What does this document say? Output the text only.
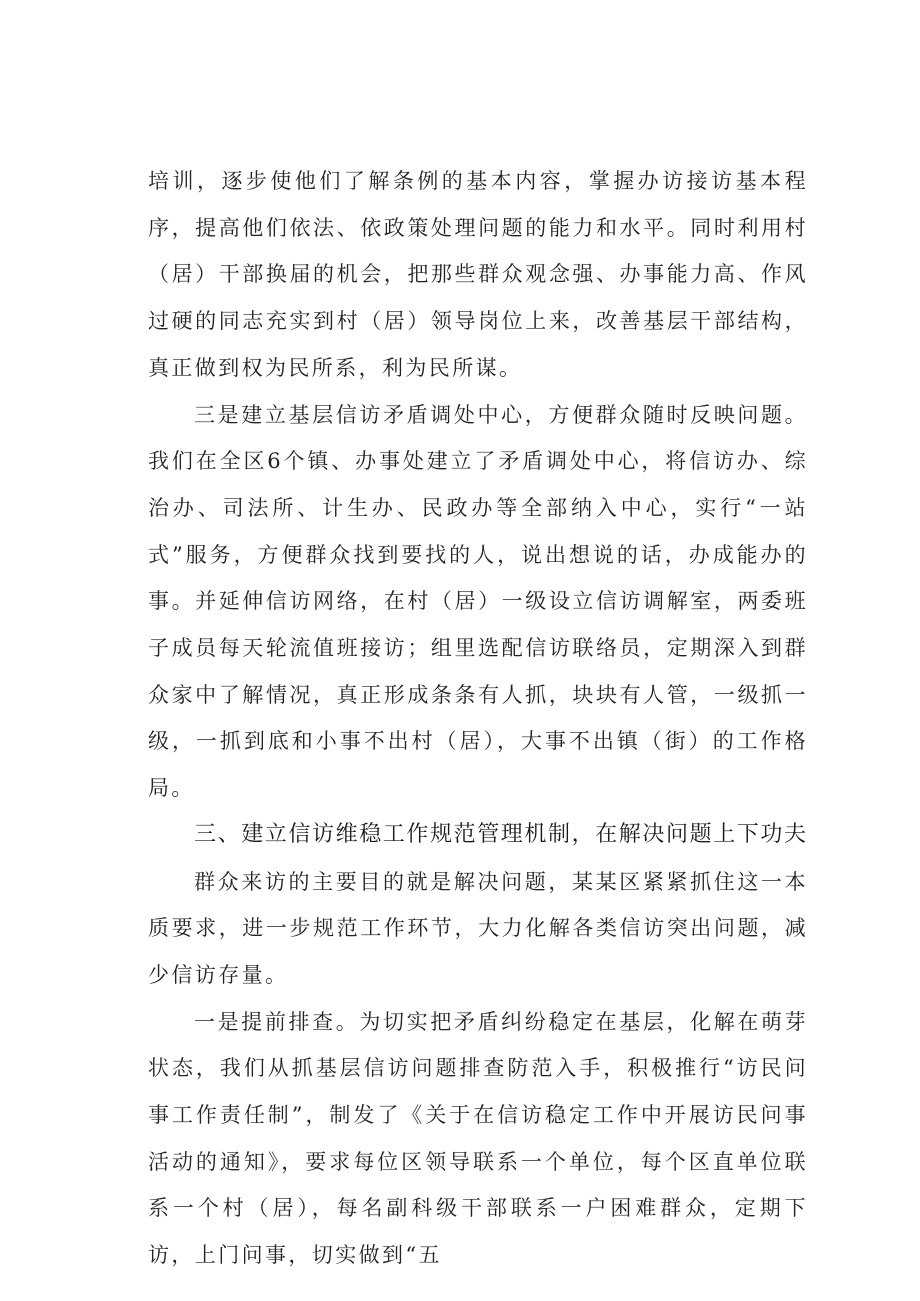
培训，逐步使他们了解条例的基本内容，掌握办访接访基本程序，提高他们依法、依政策处理问题的能力和水平。同时利用村（居）干部换届的机会，把那些群众观念强、办事能力高、作风过硬的同志充实到村（居）领导岗位上来，改善基层干部结构，真正做到权为民所系，利为民所谋。

三是建立基层信访矛盾调处中心，方便群众随时反映问题。我们在全区6个镇、办事处建立了矛盾调处中心，将信访办、综治办、司法所、计生办、民政办等全部纳入中心，实行“一站式”服务，方便群众找到要找的人，说出想说的话，办成能办的事。并延伸信访网络，在村（居）一级设立信访调解室，两委班子成员每天轮流值班接访；组里选配信访联络员，定期深入到群众家中了解情况，真正形成条条有人抓，块块有人管，一级抓一级，一抓到底和小事不出村（居），大事不出镇（街）的工作格局。

三、建立信访维稳工作规范管理机制，在解决问题上下功夫

群众来访的主要目的就是解决问题，某某区紧紧抓住这一本质要求，进一步规范工作环节，大力化解各类信访突出问题，减少信访存量。

一是提前排查。为切实把矛盾纠纷稳定在基层，化解在萌芽状态，我们从抓基层信访问题排查防范入手，积极推行“访民问事工作责任制”，制发了《关于在信访稳定工作中开展访民问事活动的通知》，要求每位区领导联系一个单位，每个区直单位联系一个村（居），每名副科级干部联系一户困难群众，定期下访，上门问事，切实做到“五
